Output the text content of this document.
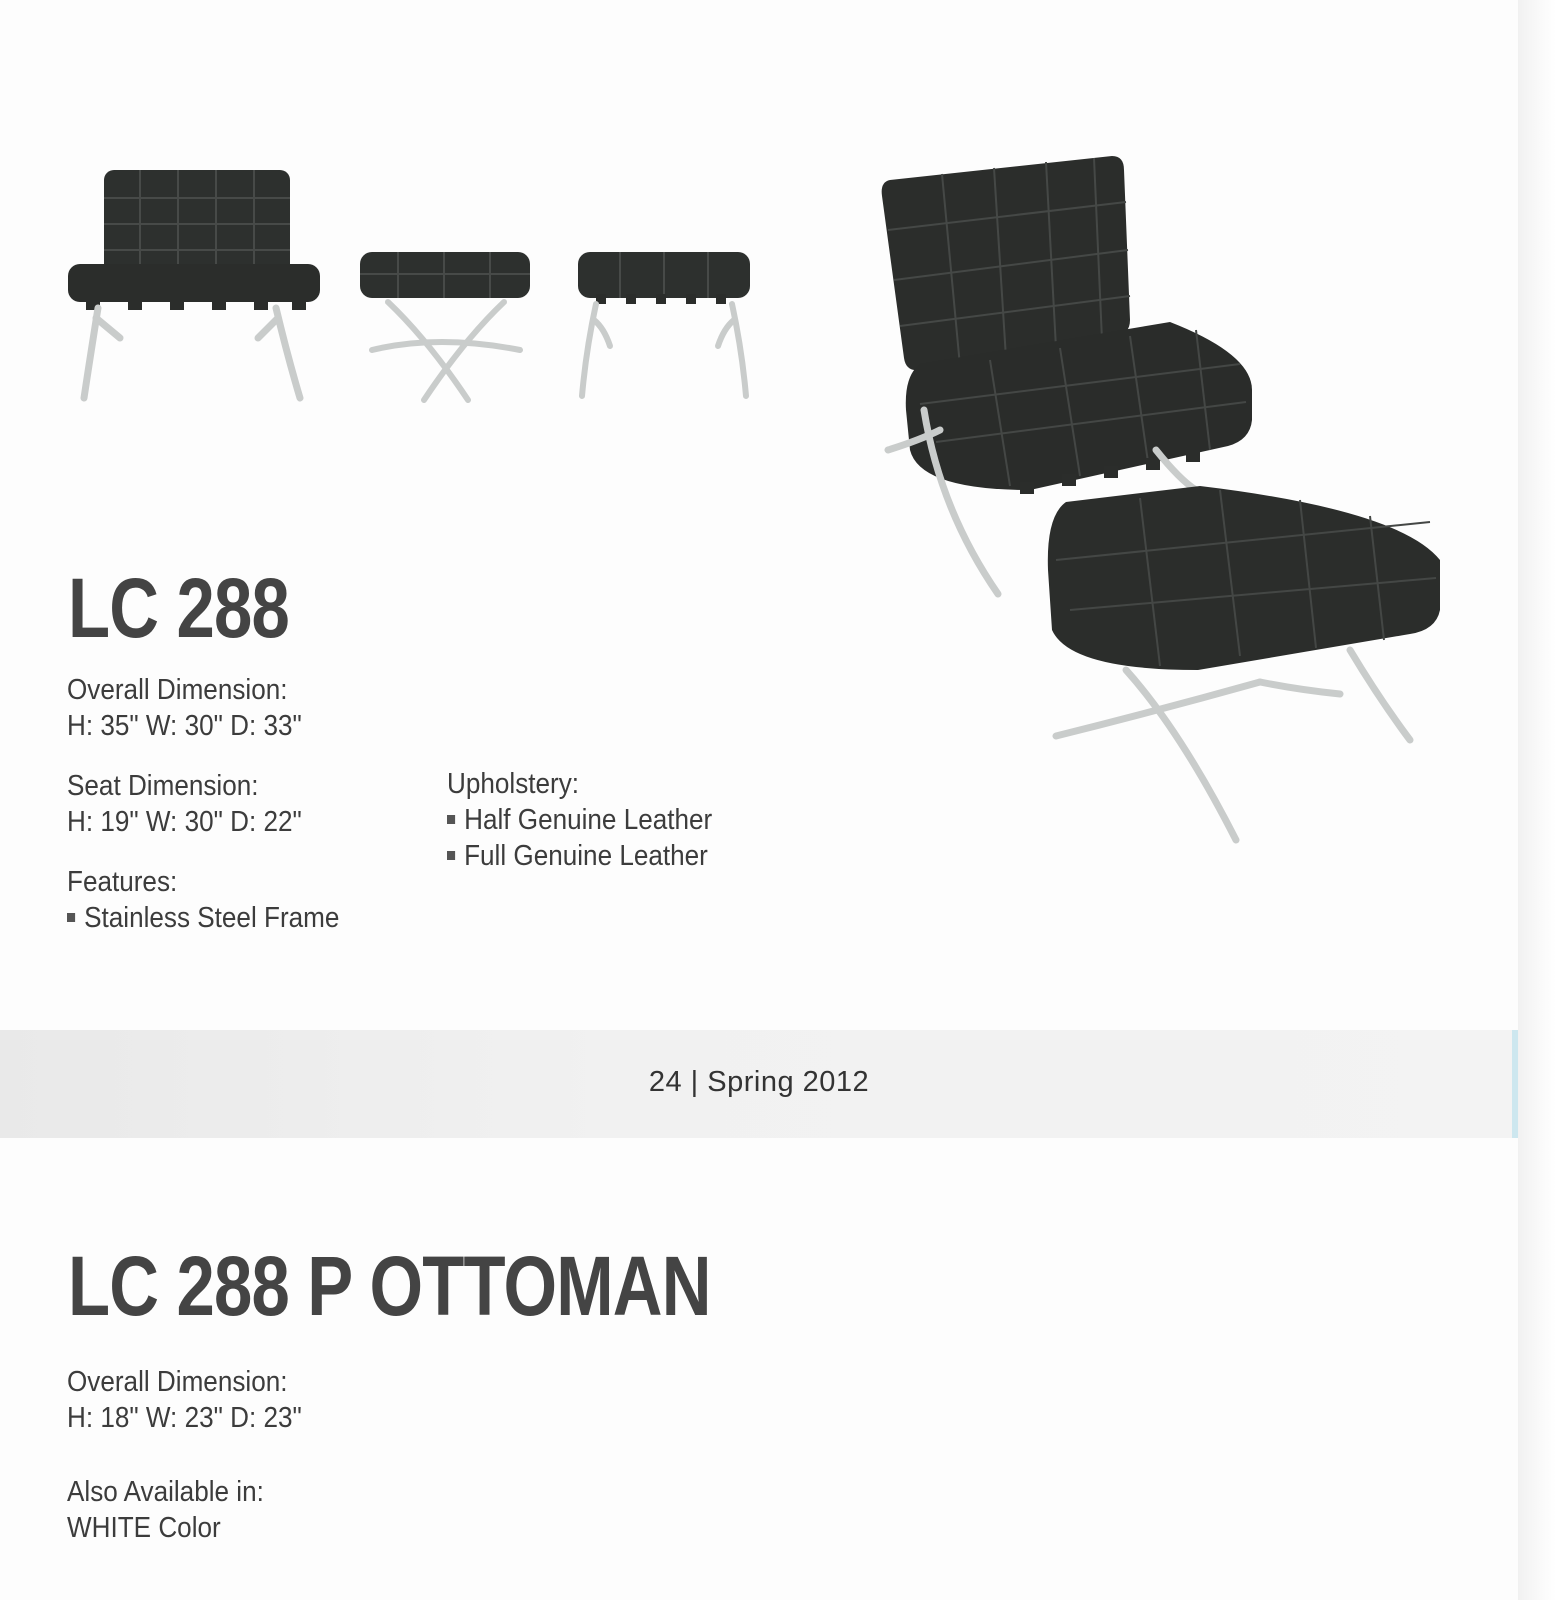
LC 288
Overall Dimension:
H: 35" W: 30" D: 33"
Seat Dimension:
H: 19" W: 30" D: 22"
Features:
Stainless Steel Frame
Upholstery:
Half Genuine Leather
Full Genuine Leather
24 | Spring 2012
LC 288 P OTTOMAN
Overall Dimension:
H: 18" W: 23" D: 23"
Also Available in:
WHITE Color
